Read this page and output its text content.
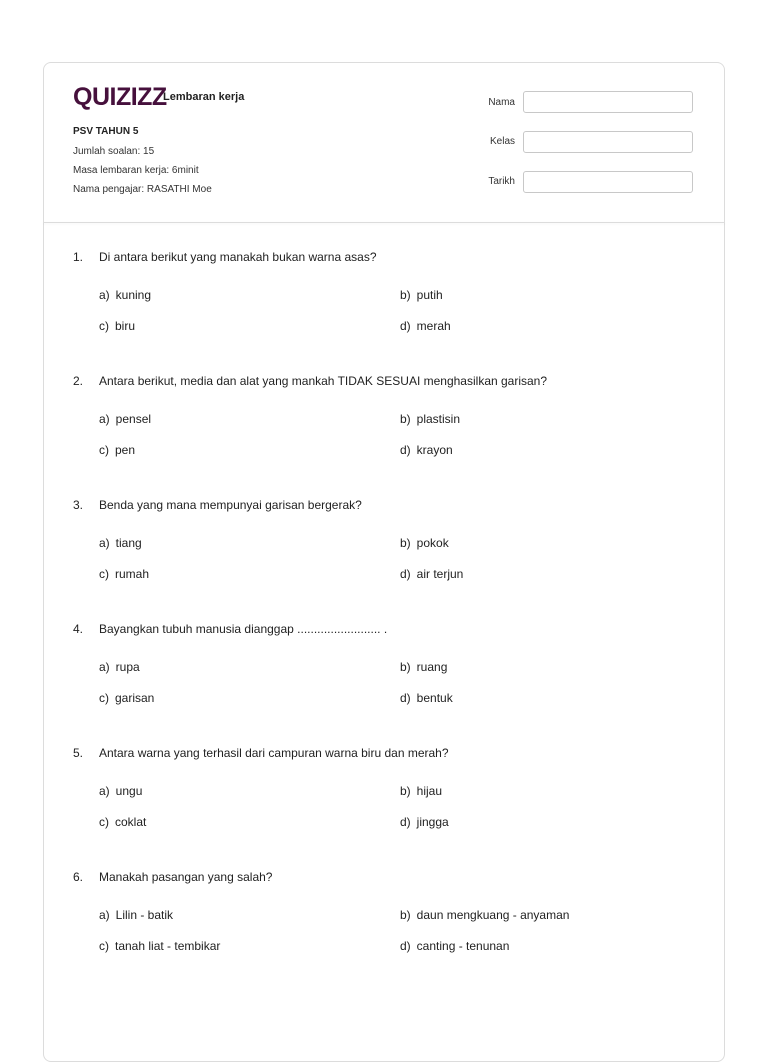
QUIZIZZ
Lembaran kerja
PSV TAHUN 5
Jumlah soalan: 15
Masa lembaran kerja: 6minit
Nama pengajar: RASATHI Moe
Nama
Kelas
Tarikh
1. Di antara berikut yang manakah bukan warna asas?
a) kuning	b) putih
c) biru	d) merah
2. Antara berikut, media dan alat yang mankah TIDAK SESUAI menghasilkan garisan?
a) pensel	b) plastisin
c) pen	d) krayon
3. Benda yang mana mempunyai garisan bergerak?
a) tiang	b) pokok
c) rumah	d) air terjun
4. Bayangkan tubuh manusia dianggap ......................... .
a) rupa	b) ruang
c) garisan	d) bentuk
5. Antara warna yang terhasil dari campuran warna biru dan merah?
a) ungu	b) hijau
c) coklat	d) jingga
6. Manakah pasangan yang salah?
a) Lilin - batik	b) daun mengkuang - anyaman
c) tanah liat - tembikar	d) canting - tenunan
